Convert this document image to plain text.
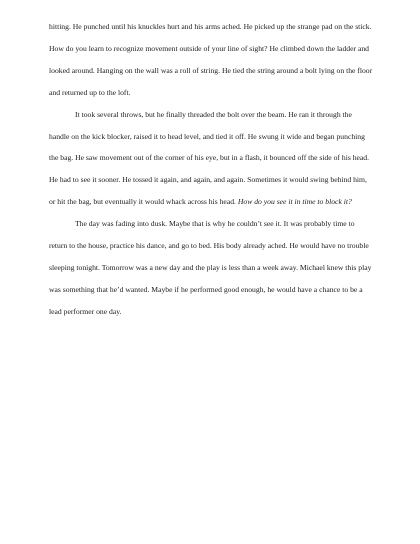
hitting. He punched until his knuckles hurt and his arms ached. He picked up the strange pad on the stick. How do you learn to recognize movement outside of your line of sight? He climbed down the ladder and looked around. Hanging on the wall was a roll of string. He tied the string around a bolt lying on the floor and returned up to the loft.

It took several throws, but he finally threaded the bolt over the beam. He ran it through the handle on the kick blocker, raised it to head level, and tied it off. He swung it wide and began punching the bag. He saw movement out of the corner of his eye, but in a flash, it bounced off the side of his head. He had to see it sooner. He tossed it again, and again, and again. Sometimes it would swing behind him, or hit the bag, but eventually it would whack across his head. How do you see it in time to block it?

The day was fading into dusk. Maybe that is why he couldn’t see it. It was probably time to return to the house, practice his dance, and go to bed. His body already ached. He would have no trouble sleeping tonight. Tomorrow was a new day and the play is less than a week away. Michael knew this play was something that he’d wanted. Maybe if he performed good enough, he would have a chance to be a lead performer one day.
